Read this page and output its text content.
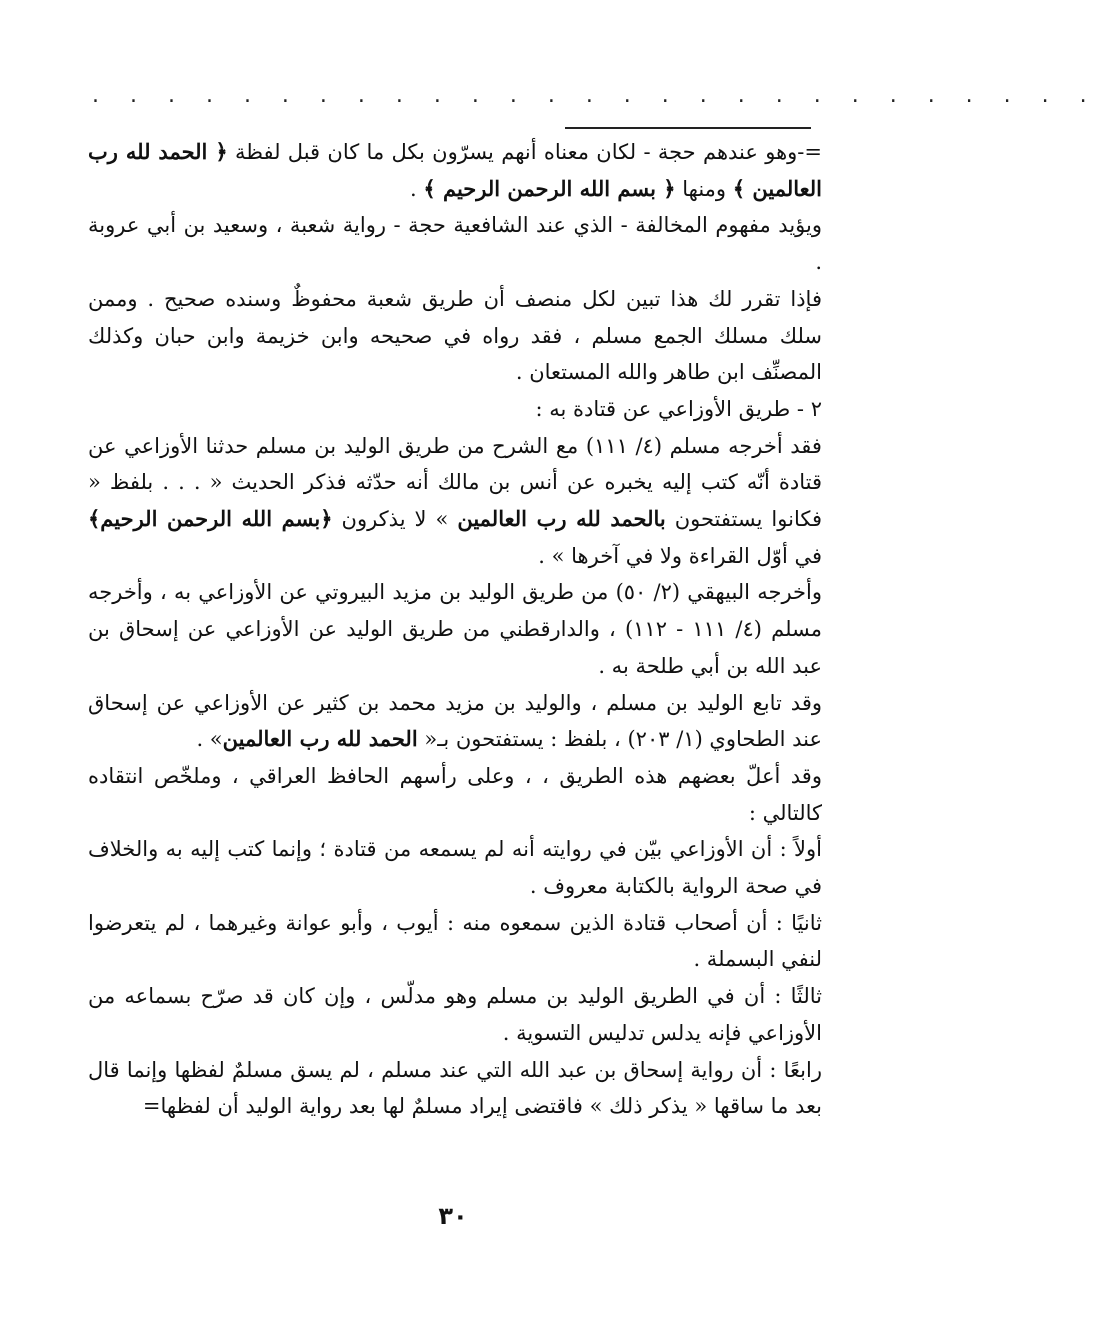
. . . . . . . . . . . . . . . . . . . . . . . . . . .

=-وهو عندهم حجة - لكان معناه أنهم يسرّون بكل ما كان قبل لفظة ﴿ الحمد لله رب العالمين ﴾ ومنها ﴿ بسم الله الرحمن الرحيم ﴾ .

ويؤيد مفهوم المخالفة - الذي عند الشافعية حجة - رواية شعبة ، وسعيد بن أبي عروبة .

فإذا تقرر لك هذا تبين لكل منصف أن طريق شعبة محفوظٌ وسنده صحيح . وممن سلك مسلك الجمع مسلم ، فقد رواه في صحيحه وابن خزيمة وابن حبان وكذلك المصنِّف ابن طاهر والله المستعان .

٢ - طريق الأوزاعي عن قتادة به :

فقد أخرجه مسلم (٤/ ١١١) مع الشرح من طريق الوليد بن مسلم حدثنا الأوزاعي عن قتادة أنّه كتب إليه يخبره عن أنس بن مالك أنه حدّثه فذكر الحديث « . . . بلفظ « فكانوا يستفتحون بالحمد لله رب العالمين » لا يذكرون ﴿بسم الله الرحمن الرحيم﴾ في أوّل القراءة ولا في آخرها » .

وأخرجه البيهقي (٢/ ٥٠) من طريق الوليد بن مزيد البيروتي عن الأوزاعي به ، وأخرجه مسلم (٤/ ١١١ - ١١٢) ، والدارقطني من طريق الوليد عن الأوزاعي عن إسحاق بن عبد الله بن أبي طلحة به .

وقد تابع الوليد بن مسلم ، والوليد بن مزيد محمد بن كثير عن الأوزاعي عن إسحاق عند الطحاوي (١/ ٢٠٣) ، بلفظ : يستفتحون بـ« الحمد لله رب العالمين» .

وقد أعلّ بعضهم هذه الطريق ، ، وعلى رأسهم الحافظ العراقي ، وملخّص انتقاده كالتالي :

أولاً : أن الأوزاعي بيّن في روايته أنه لم يسمعه من قتادة ؛ وإنما كتب إليه به والخلاف في صحة الرواية بالكتابة معروف .

ثانيًا : أن أصحاب قتادة الذين سمعوه منه : أيوب ، وأبو عوانة وغيرهما ، لم يتعرضوا لنفي البسملة .

ثالثًا : أن في الطريق الوليد بن مسلم وهو مدلّس ، وإن كان قد صرّح بسماعه من الأوزاعي فإنه يدلس تدليس التسوية .

رابعًا : أن رواية إسحاق بن عبد الله التي عند مسلم ، لم يسق مسلمٌ لفظها وإنما قال بعد ما ساقها « يذكر ذلك » فاقتضى إيراد مسلمٌ لها بعد رواية الوليد أن لفظها=

٣٠
